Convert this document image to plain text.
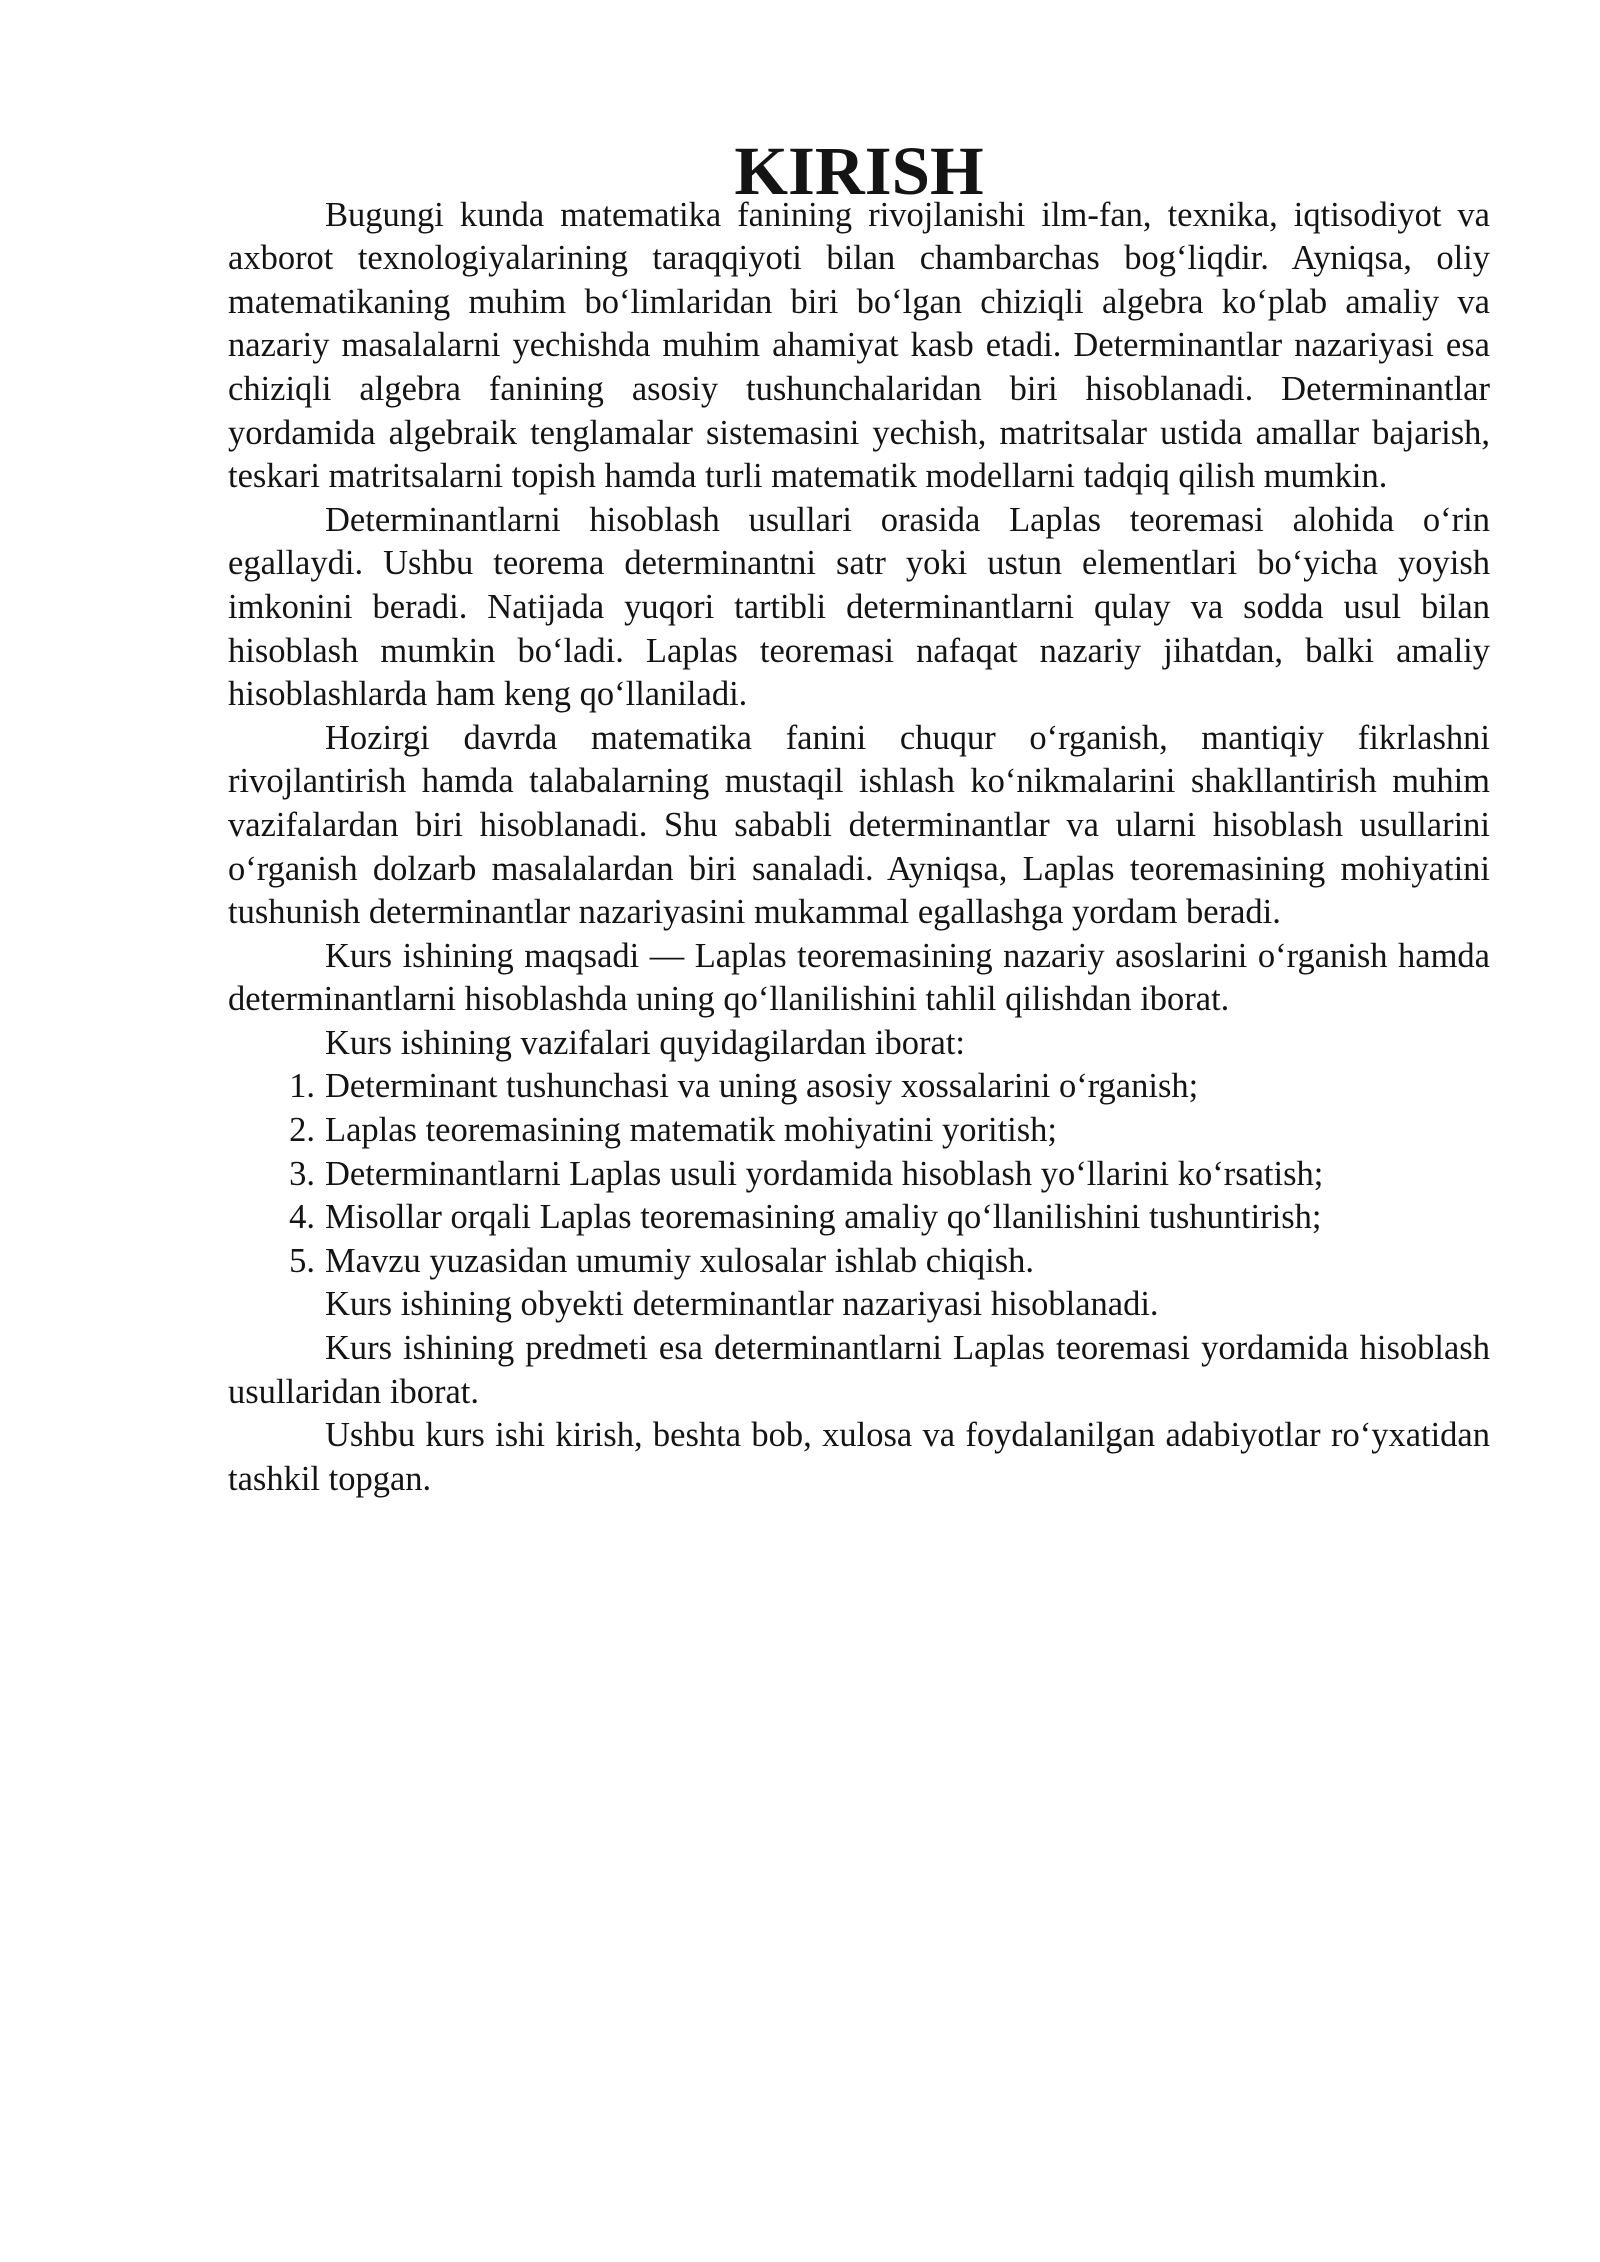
KIRISH

Bugungi kunda matematika fanining rivojlanishi ilm-fan, texnika, iqtisodiyot va axborot texnologiyalarining taraqqiyoti bilan chambarchas bog‘liqdir. Ayniqsa, oliy matematikaning muhim bo‘limlaridan biri bo‘lgan chiziqli algebra ko‘plab amaliy va nazariy masalalarni yechishda muhim ahamiyat kasb etadi. Determinantlar nazariyasi esa chiziqli algebra fanining asosiy tushunchalaridan biri hisoblanadi. Determinantlar yordamida algebraik tenglamalar sistemasini yechish, matritsalar ustida amallar bajarish, teskari matritsalarni topish hamda turli matematik modellarni tadqiq qilish mumkin.

Determinantlarni hisoblash usullari orasida Laplas teoremasi alohida o‘rin egallaydi. Ushbu teorema determinantni satr yoki ustun elementlari bo‘yicha yoyish imkonini beradi. Natijada yuqori tartibli determinantlarni qulay va sodda usul bilan hisoblash mumkin bo‘ladi. Laplas teoremasi nafaqat nazariy jihatdan, balki amaliy hisoblashlarda ham keng qo‘llaniladi.

Hozirgi davrda matematika fanini chuqur o‘rganish, mantiqiy fikrlashni rivojlantirish hamda talabalarning mustaqil ishlash ko‘nikmalarini shakllantirish muhim vazifalardan biri hisoblanadi. Shu sababli determinantlar va ularni hisoblash usullarini o‘rganish dolzarb masalalardan biri sanaladi. Ayniqsa, Laplas teoremasining mohiyatini tushunish determinantlar nazariyasini mukammal egallashga yordam beradi.

Kurs ishining maqsadi — Laplas teoremasining nazariy asoslarini o‘rganish hamda determinantlarni hisoblashda uning qo‘llanilishini tahlil qilishdan iborat.

Kurs ishining vazifalari quyidagilardan iborat:

1. Determinant tushunchasi va uning asosiy xossalarini o‘rganish;
2. Laplas teoremasining matematik mohiyatini yoritish;
3. Determinantlarni Laplas usuli yordamida hisoblash yo‘llarini ko‘rsatish;
4. Misollar orqali Laplas teoremasining amaliy qo‘llanilishini tushuntirish;
5. Mavzu yuzasidan umumiy xulosalar ishlab chiqish.

Kurs ishining obyekti determinantlar nazariyasi hisoblanadi.

Kurs ishining predmeti esa determinantlarni Laplas teoremasi yordamida hisoblash usullaridan iborat.

Ushbu kurs ishi kirish, beshta bob, xulosa va foydalanilgan adabiyotlar ro‘yxatidan tashkil topgan.
